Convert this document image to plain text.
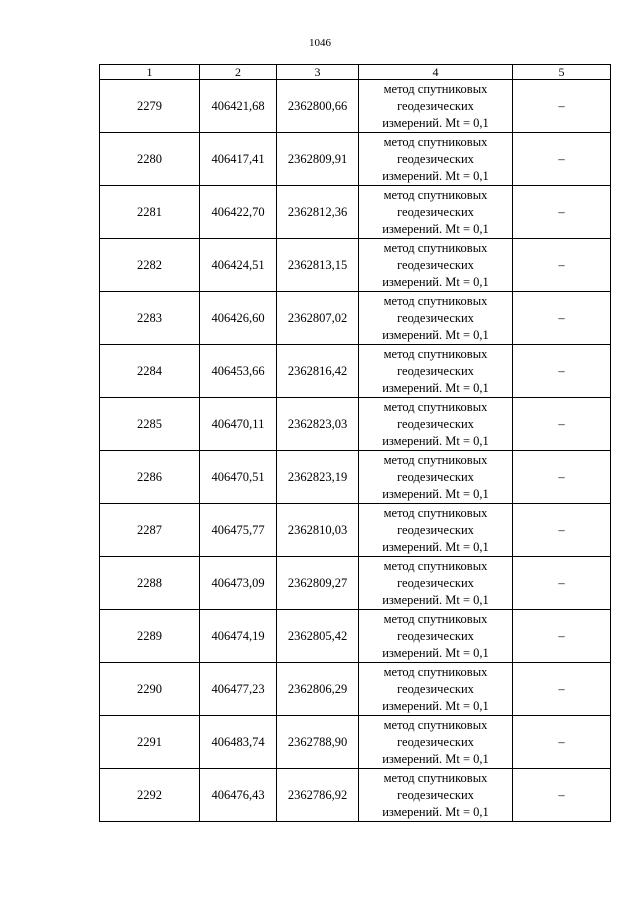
1046
1	2	3	4	5
2279	406421,68	2362800,66	метод спутниковых
геодезических
измерений. Mt = 0,1	–
2280	406417,41	2362809,91	метод спутниковых
геодезических
измерений. Mt = 0,1	–
2281	406422,70	2362812,36	метод спутниковых
геодезических
измерений. Mt = 0,1	–
2282	406424,51	2362813,15	метод спутниковых
геодезических
измерений. Mt = 0,1	–
2283	406426,60	2362807,02	метод спутниковых
геодезических
измерений. Mt = 0,1	–
2284	406453,66	2362816,42	метод спутниковых
геодезических
измерений. Mt = 0,1	–
2285	406470,11	2362823,03	метод спутниковых
геодезических
измерений. Mt = 0,1	–
2286	406470,51	2362823,19	метод спутниковых
геодезических
измерений. Mt = 0,1	–
2287	406475,77	2362810,03	метод спутниковых
геодезических
измерений. Mt = 0,1	–
2288	406473,09	2362809,27	метод спутниковых
геодезических
измерений. Mt = 0,1	–
2289	406474,19	2362805,42	метод спутниковых
геодезических
измерений. Mt = 0,1	–
2290	406477,23	2362806,29	метод спутниковых
геодезических
измерений. Mt = 0,1	–
2291	406483,74	2362788,90	метод спутниковых
геодезических
измерений. Mt = 0,1	–
2292	406476,43	2362786,92	метод спутниковых
геодезических
измерений. Mt = 0,1	–
